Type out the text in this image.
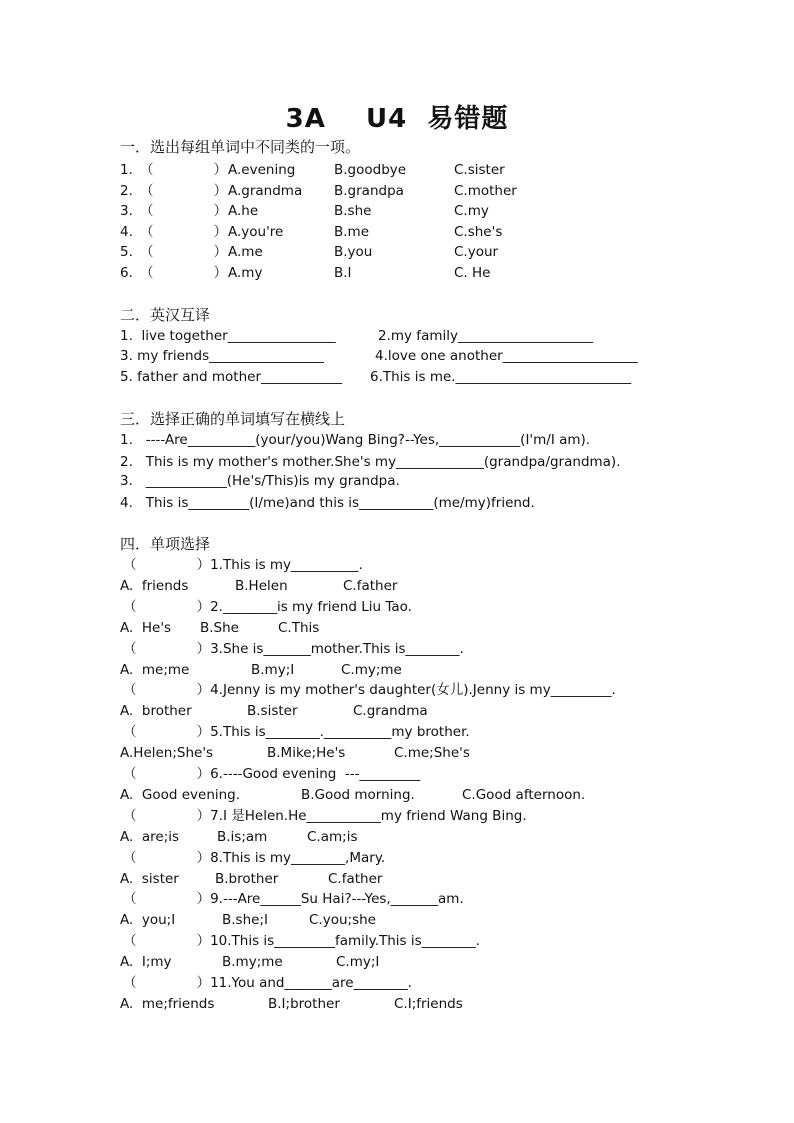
3A    U4  易错题
一．选出每组单词中不同类的一项。
1. （              ） A.evening	B.goodbye	C.sister
2. （              ） A.grandma B.grandpa	C.mother
3. （              ） A.he	B.she	C.my
4. （              ） A.you're	B.me	C.she's
5. （              ） A.me	B.you	C.your
6. （              ） A.my	B.I	C. He
二．英汉互译
1.  live together________________	2.my family____________________
3. my friends_________________	4.love one another____________________
5. father and mother____________ 6.This is me.__________________________
三．选择正确的单词填写在横线上
1.   ----Are__________(your/you)Wang Bing?--Yes,____________(I'm/I am).
2.   This is my mother's mother.She's my_____________(grandpa/grandma).
3.   ____________(He's/This)is my grandpa.
4.   This is_________(I/me)and this is___________(me/my)friend.
四．单项选择
（              ）1.This is my__________.
A.  friends	B.Helen	C.father
（              ）2.________is my friend Liu Tao.
A.  He's B.She	C.This
（              ）3.She is_______mother.This is________.
A.  me;me	B.my;I	C.my;me
（              ）4.Jenny is my mother's daughter(女儿).Jenny is my_________.
A.  brother	B.sister	C.grandma
（              ）5.This is________.__________my brother.
A.Helen;She's	B.Mike;He's	C.me;She's
（              ）6.----Good evening  ---_________
A.  Good evening.	B.Good morning.	C.Good afternoon.
（              ）7.I 是Helen.He___________my friend Wang Bing.
A.  are;is	B.is;am	C.am;is
（              ）8.This is my________,Mary.
A.  sister	B.brother	C.father
（              ）9.---Are______Su Hai?---Yes,_______am.
A.  you;I	B.she;I	C.you;she
（              ）10.This is_________family.This is________.
A.  I;my	B.my;me	C.my;I
（              ）11.You and_______are________.
A.  me;friends	B.I;brother	C.I;friends
